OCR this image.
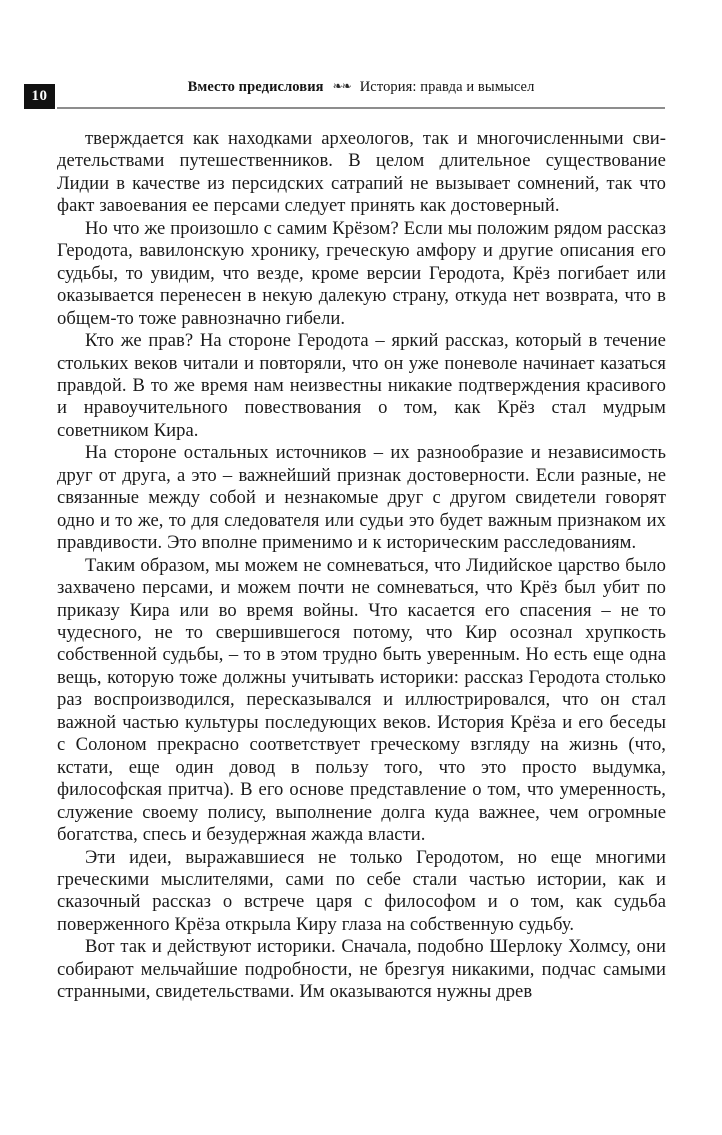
10
Вместо предисловия ❧❧ История: правда и вымысел

тверждается как находками археологов, так и многочисленными свидетельствами путешественников. В целом длительное существование Лидии в качестве из персидских сатрапий не вызывает сомнений, так что факт завоевания ее персами следует принять как достоверный.

Но что же произошло с самим Крёзом? Если мы положим рядом рассказ Геродота, вавилонскую хронику, греческую амфору и другие описания его судьбы, то увидим, что везде, кроме версии Геродота, Крёз погибает или оказывается перенесен в некую далекую страну, откуда нет возврата, что в общем-то тоже равнозначно гибели.

Кто же прав? На стороне Геродота – яркий рассказ, который в течение стольких веков читали и повторяли, что он уже поневоле начинает казаться правдой. В то же время нам неизвестны никакие подтверждения красивого и нравоучительного повествования о том, как Крёз стал мудрым советником Кира.

На стороне остальных источников – их разнообразие и независимость друг от друга, а это – важнейший признак достоверности. Если разные, не связанные между собой и незнакомые друг с другом свидетели говорят одно и то же, то для следователя или судьи это будет важным признаком их правдивости. Это вполне применимо и к историческим расследованиям.

Таким образом, мы можем не сомневаться, что Лидийское царство было захвачено персами, и можем почти не сомневаться, что Крёз был убит по приказу Кира или во время войны. Что касается его спасения – не то чудесного, не то свершившегося потому, что Кир осознал хрупкость собственной судьбы, – то в этом трудно быть уверенным. Но есть еще одна вещь, которую тоже должны учитывать историки: рассказ Геродота столько раз воспроизводился, пересказывался и иллюстрировался, что он стал важной частью культуры последующих веков. История Крёза и его беседы с Солоном прекрасно соответствует греческому взгляду на жизнь (что, кстати, еще один довод в пользу того, что это просто выдумка, философская притча). В его основе представление о том, что умеренность, служение своему полису, выполнение долга куда важнее, чем огромные богатства, спесь и безудержная жажда власти.

Эти идеи, выражавшиеся не только Геродотом, но еще многими греческими мыслителями, сами по себе стали частью истории, как и сказочный рассказ о встрече царя с философом и о том, как судьба поверженного Крёза открыла Киру глаза на собственную судьбу.

Вот так и действуют историки. Сначала, подобно Шерлоку Холмсу, они собирают мельчайшие подробности, не брезгуя никакими, подчас самыми странными, свидетельствами. Им оказываются нужны древ
